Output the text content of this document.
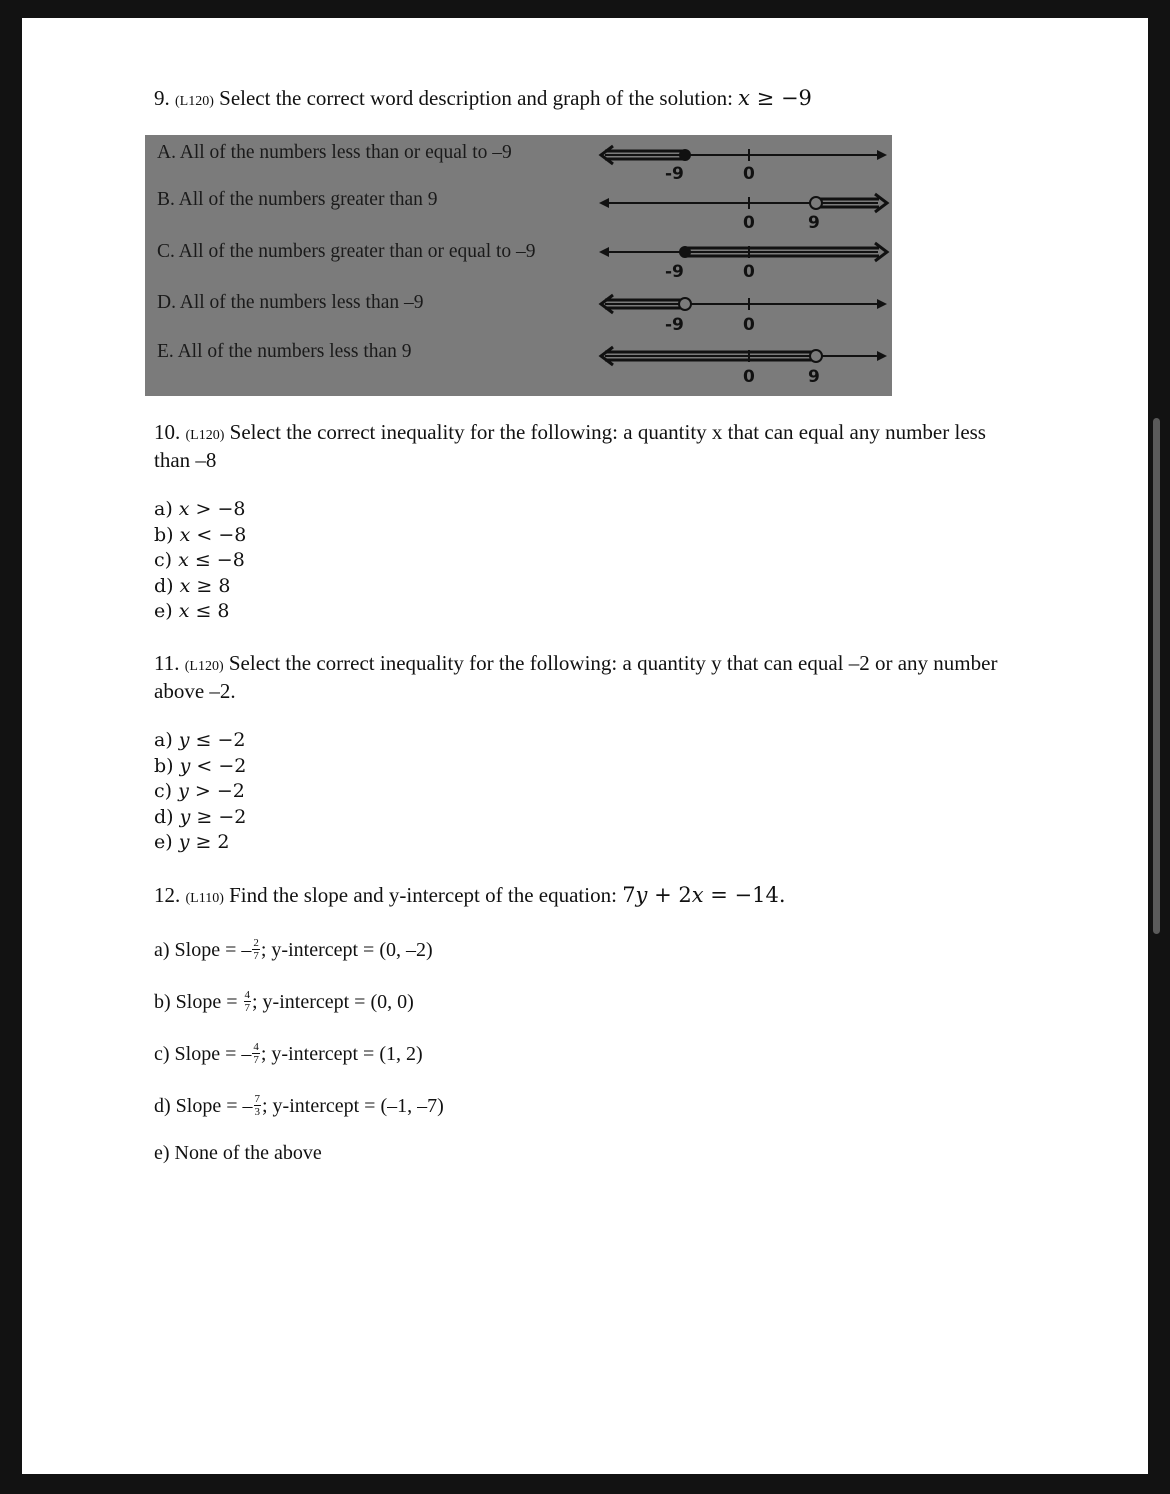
9. (L120) Select the correct word description and graph of the solution: 𝑥 ≥ −9
A. All of the numbers less than or equal to –9
B. All of the numbers greater than 9
C. All of the numbers greater than or equal to –9
D. All of the numbers less than –9
E. All of the numbers less than 9
-9	0
0	9
-9	0
-9	0
0	9
10. (L120) Select the correct inequality for the following: a quantity x that can equal any number less
than –8
a) 𝑥 > −8
b) 𝑥 < −8
c) 𝑥 ≤ −8
d) 𝑥 ≥ 8
e) 𝑥 ≤ 8
11. (L120) Select the correct inequality for the following: a quantity y that can equal –2 or any number
above –2.
a) 𝑦 ≤ −2
b) 𝑦 < −2
c) 𝑦 > −2
d) 𝑦 ≥ −2
e) 𝑦 ≥ 2
12. (L110) Find the slope and y-intercept of the equation: 7𝑦 + 2𝑥 = −14.
a) Slope = – $\frac{2}{7}$ ; y-intercept = (0, –2)
b) Slope = $\frac{4}{7}$ ; y-intercept = (0, 0)
c) Slope = – $\frac{4}{7}$ ; y-intercept = (1, 2)
d) Slope = – $\frac{7}{3}$ ; y-intercept = (–1, –7)
e) None of the above
